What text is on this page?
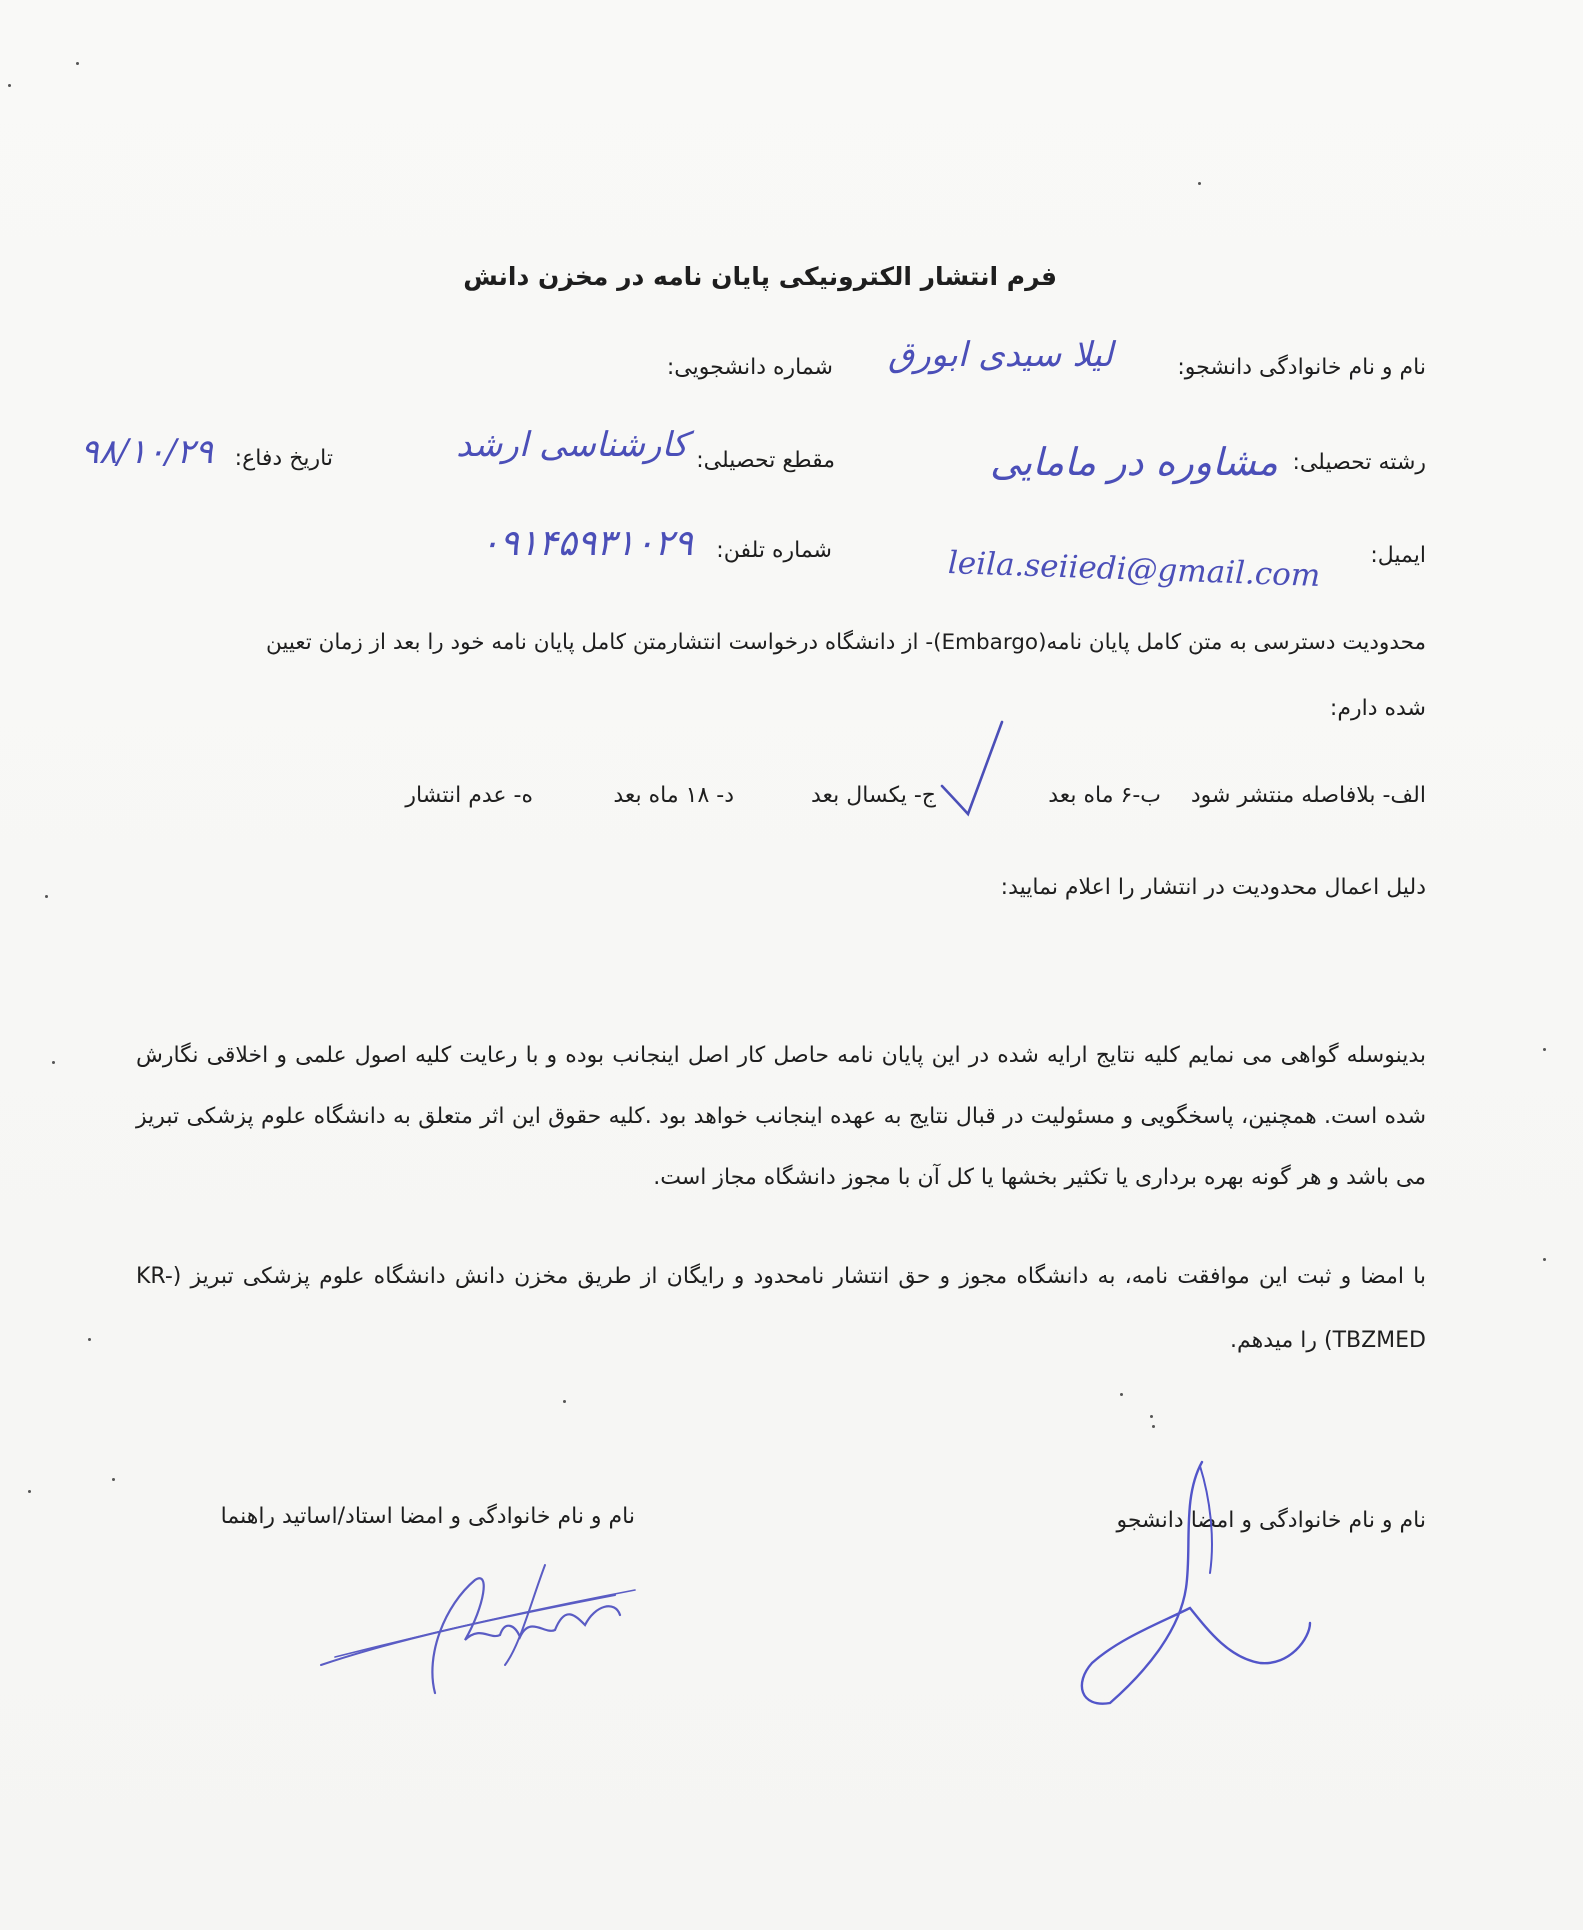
فرم انتشار الکترونیکی پایان نامه در مخزن دانش
نام و نام خانوادگی دانشجو:
لیلا سیدی ابورق
شماره دانشجویی:
رشته تحصیلی:
مشاوره در مامایی
مقطع تحصیلی:
کارشناسی ارشد
تاریخ دفاع:
۹۸/۱۰/۲۹
ایمیل:
leila.seiiedi@gmail.com
شماره تلفن:
۰۹۱۴۵۹۳۱۰۲۹
محدودیت دسترسی به متن کامل پایان نامه(Embargo)- از دانشگاه درخواست انتشارمتن کامل پایان نامه خود را بعد از زمان تعیین
شده دارم:
الف- بلافاصله منتشر شود
ب-۶ ماه بعد
ج- یکسال بعد
د- ۱۸ ماه بعد
ه- عدم انتشار
دلیل اعمال محدودیت در انتشار را اعلام نمایید:
بدینوسله گواهی می نمایم کلیه نتایج ارایه شده در این پایان نامه حاصل کار اصل اینجانب بوده و با رعایت کلیه اصول علمی و اخلاقی نگارش شده است. همچنین، پاسخگویی و مسئولیت در قبال نتایج به عهده اینجانب خواهد بود .کلیه حقوق این اثر متعلق به دانشگاه علوم پزشکی تبریز می باشد و هر گونه بهره برداری یا تکثیر بخشها یا کل آن با مجوز دانشگاه مجاز است.
با امضا و ثبت این موافقت نامه، به دانشگاه مجوز و حق انتشار نامحدود و رایگان از طریق مخزن دانش دانشگاه علوم پزشکی تبریز (KR-TBZMED) را میدهم.
نام و نام خانوادگی و امضا دانشجو
نام و نام خانوادگی و امضا استاد/اساتید راهنما
